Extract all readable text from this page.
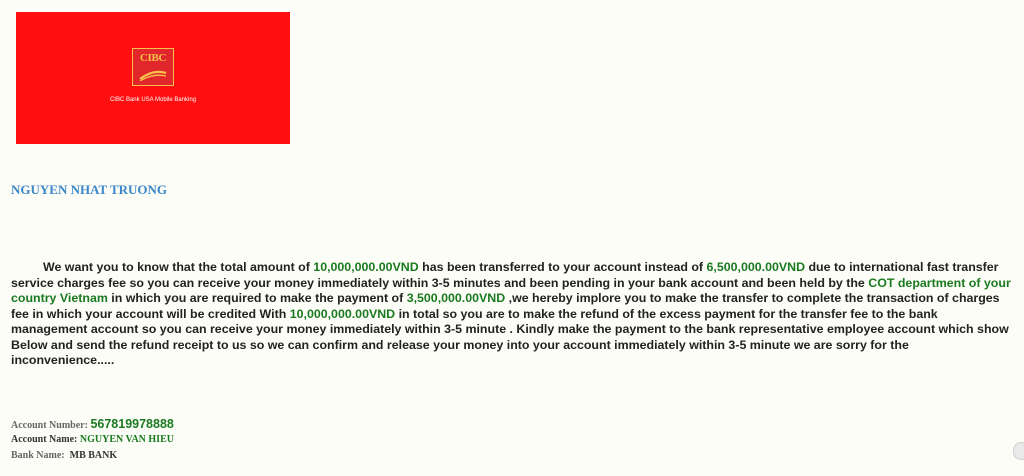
CIBC
CIBC Bank USA Mobile Banking
NGUYEN NHAT TRUONG

We want you to know that the total amount of 10,000,000.00VND has been transferred to your account instead of 6,500,000.00VND due to international fast transfer service charges fee so you can receive your money immediately within 3-5 minutes and been pending in your bank account and been held by the COT department of your country Vietnam in which you are required to make the payment of 3,500,000.00VND ,we hereby implore you to make the transfer to complete the transaction of charges fee in which your account will be credited With 10,000,000.00VND in total so you are to make the refund of the excess payment for the transfer fee to the bank management account so you can receive your money immediately within 3-5 minute . Kindly make the payment to the bank representative employee account which show Below and send the refund receipt to us so we can confirm and release your money into your account immediately within 3-5 minute we are sorry for the inconvenience.....

Account Number: 567819978888
Account Name: NGUYEN VAN HIEU
Bank Name:  MB BANK
